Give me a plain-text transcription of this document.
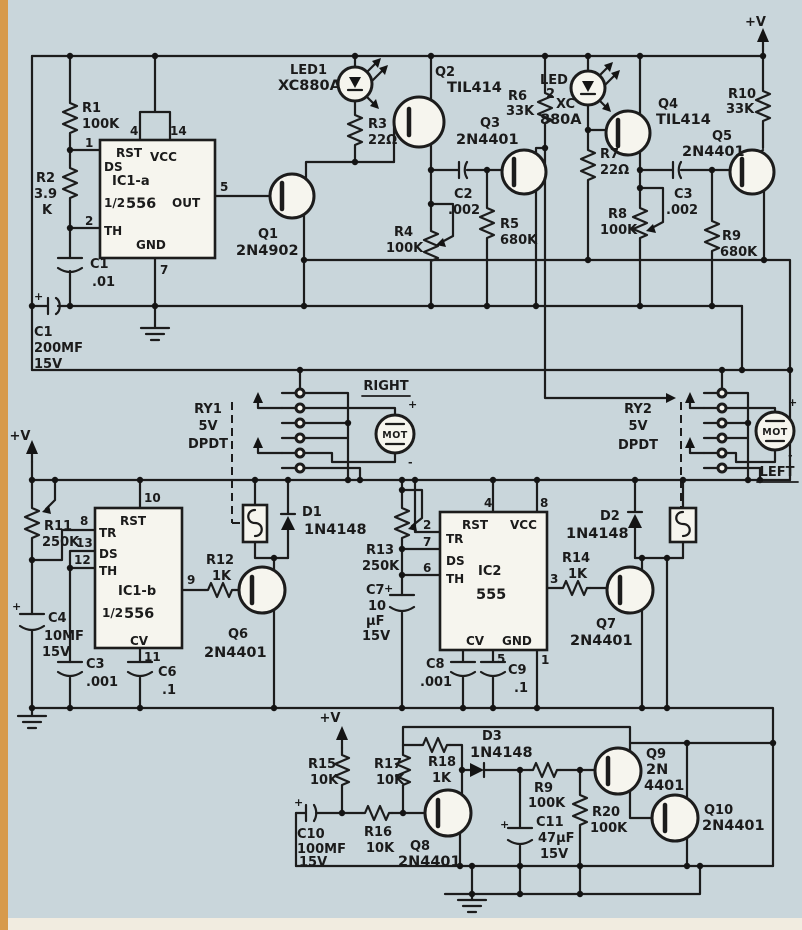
+V
+V
+V
RIGHT
LEFT
MOT	MOT
+
-
+
-
RY1
5V
DPDT
RY2
5V
DPDT
RST VCC
DS
IC1-a
1/2 556 OUT
TH
GND
4	14
1
2
5
7
RST
TR
DS
TH
IC1-b
1/2 556
CV
10
8
13
12
9
11
RST VCC
TR
DS
TH IC2
555
CV GND
4	8
2
7
6
3
5	1
R1
100K
R2
3.9
K
R3
22Ω
R4
100K
R5
680K
R6
33K
R7
22Ω
R8
100K	R9
680K
R10
33K
R11
250K
R12
1K
R13
250K
R14
1K
R15
10K
R16
10K
R17
10K
R18
1K
R9
100K
R20
100K
C1
.01
C1
200MF
15V
+
C2
.002
C3
.002
C4
10MF
15V
+
C3
.001
C6
.1
C7
10
μF
15V
+
C8
.001
C9
.1
C10
100MF
15V
+
C11
47μF
15V
+
Q1
2N4902
Q2
TIL414
Q3
2N4401
Q4
TIL414
Q5
2N4401
Q6
2N4401
Q7
2N4401
Q8
2N4401
Q9
2N
4401
Q10
2N4401
D1
1N4148
D2
1N4148
D3
1N4148
LED1
XC880A	LED
2
XC
880A
